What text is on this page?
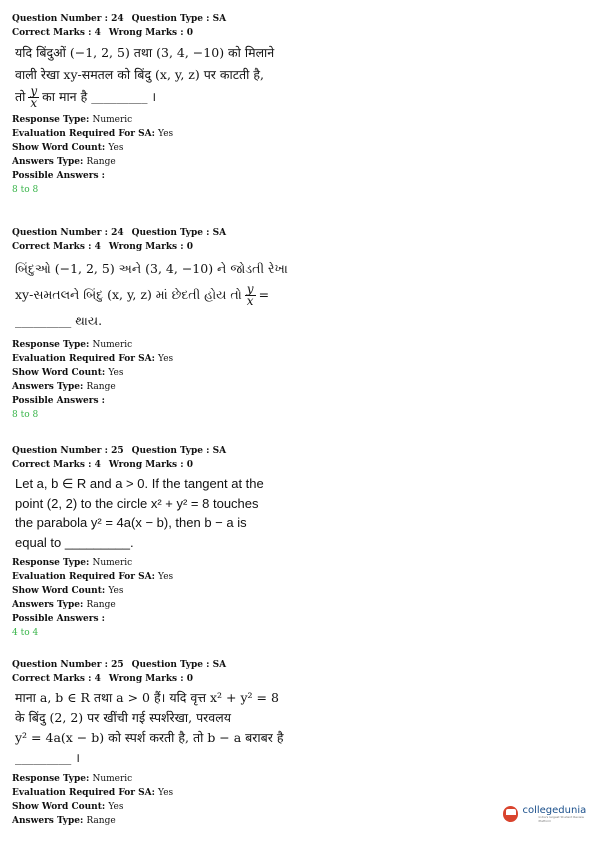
Question Number : 24 Question Type : SA
Correct Marks : 4 Wrong Marks : 0
यदि बिंदुओं (−1, 2, 5) तथा (3, 4, −10) को मिलाने
वाली रेखा xy-समतल को बिंदु (x, y, z) पर काटती है,
तो $\frac{y}{x}$ का मान है _________ ।
Response Type: Numeric
Evaluation Required For SA: Yes
Show Word Count: Yes
Answers Type: Range
Possible Answers :
8 to 8
Question Number : 24 Question Type : SA
Correct Marks : 4 Wrong Marks : 0
બિંદુઓ (−1, 2, 5) અને (3, 4, −10) ને જોડતી રેખા
xy-સમતલને બિંદુ (x, y, z) માં છેદતી હોય તો $\frac{y}{x}$ =
_________ થાય.
Response Type: Numeric
Evaluation Required For SA: Yes
Show Word Count: Yes
Answers Type: Range
Possible Answers :
8 to 8
Question Number : 25 Question Type : SA
Correct Marks : 4 Wrong Marks : 0
Let a, b ∈ R and a > 0. If the tangent at the
point (2, 2) to the circle x² + y² = 8 touches
the parabola y² = 4a(x − b), then b − a is
equal to _________.
Response Type: Numeric
Evaluation Required For SA: Yes
Show Word Count: Yes
Answers Type: Range
Possible Answers :
4 to 4
Question Number : 25 Question Type : SA
Correct Marks : 4 Wrong Marks : 0
माना a, b ∈ R तथा a > 0 हैं। यदि वृत्त x² + y² = 8
के बिंदु (2, 2) पर खींची गई स्पर्शरेखा, परवलय
y² = 4a(x − b) को स्पर्श करती है, तो b − a बराबर है
_________ ।
Response Type: Numeric
Evaluation Required For SA: Yes
Show Word Count: Yes
Answers Type: Range
collegedunia
India's largest Student Review Platform
